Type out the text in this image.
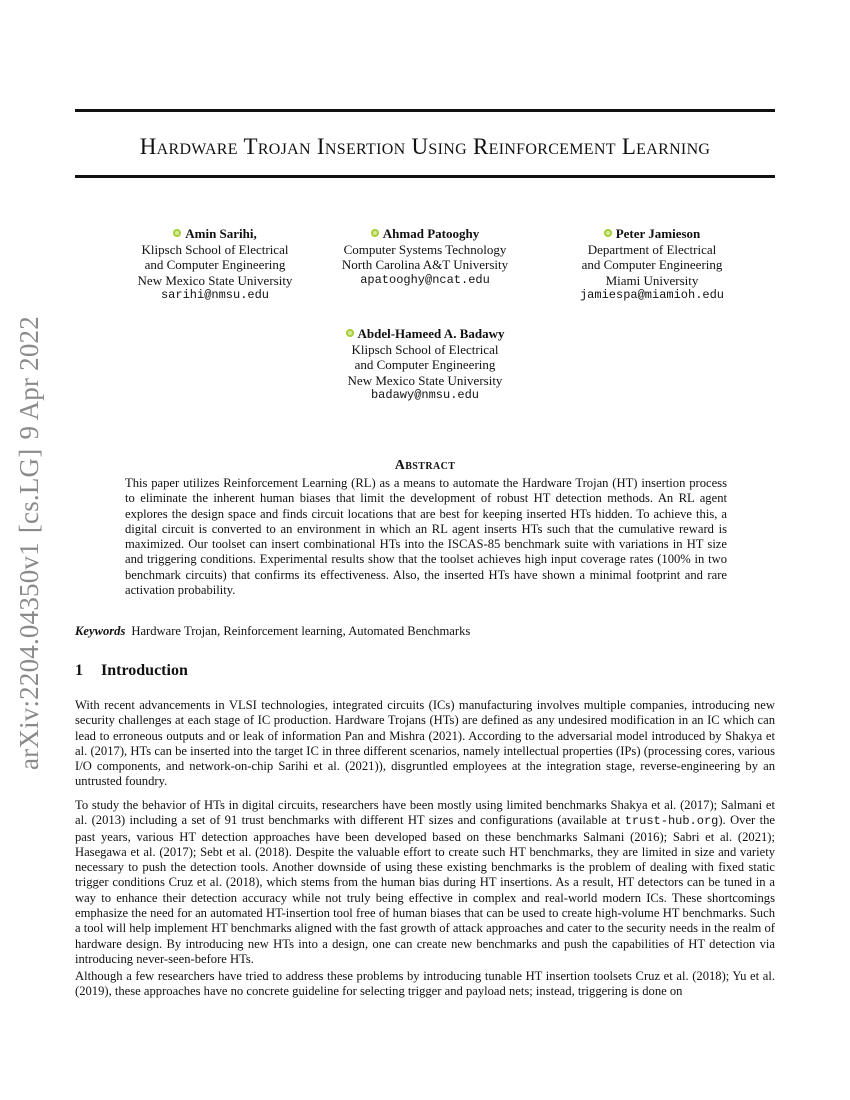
arXiv:2204.04350v1[cs.LG]9 Apr 2022
Hardware Trojan Insertion Using Reinforcement Learning
Amin Sarihi,
Klipsch School of Electrical
and Computer Engineering
New Mexico State University
sarihi@nmsu.edu
Ahmad Patooghy
Computer Systems Technology
North Carolina A&T University
apatooghy@ncat.edu
Peter Jamieson
Department of Electrical
and Computer Engineering
Miami University
jamiespa@miamioh.edu
Abdel-Hameed A. Badawy
Klipsch School of Electrical
and Computer Engineering
New Mexico State University
badawy@nmsu.edu
Abstract
This paper utilizes Reinforcement Learning (RL) as a means to automate the Hardware Trojan (HT) insertion process to eliminate the inherent human biases that limit the development of robust HT detection methods. An RL agent explores the design space and finds circuit locations that are best for keeping inserted HTs hidden. To achieve this, a digital circuit is converted to an environment in which an RL agent inserts HTs such that the cumulative reward is maximized. Our toolset can insert combinational HTs into the ISCAS-85 benchmark suite with variations in HT size and triggering conditions. Experimental results show that the toolset achieves high input coverage rates (100% in two benchmark circuits) that confirms its effectiveness. Also, the inserted HTs have shown a minimal footprint and rare activation probability.
Keywords Hardware Trojan, Reinforcement learning, Automated Benchmarks
1 Introduction
With recent advancements in VLSI technologies, integrated circuits (ICs) manufacturing involves multiple companies, introducing new security challenges at each stage of IC production. Hardware Trojans (HTs) are defined as any undesired modification in an IC which can lead to erroneous outputs and or leak of information Pan and Mishra (2021). According to the adversarial model introduced by Shakya et al. (2017), HTs can be inserted into the target IC in three different scenarios, namely intellectual properties (IPs) (processing cores, various I/O components, and network-on-chip Sarihi et al. (2021)), disgruntled employees at the integration stage, reverse-engineering by an untrusted foundry.
To study the behavior of HTs in digital circuits, researchers have been mostly using limited benchmarks Shakya et al. (2017); Salmani et al. (2013) including a set of 91 trust benchmarks with different HT sizes and configurations (available at trust-hub.org). Over the past years, various HT detection approaches have been developed based on these benchmarks Salmani (2016); Sabri et al. (2021); Hasegawa et al. (2017); Sebt et al. (2018). Despite the valuable effort to create such HT benchmarks, they are limited in size and variety necessary to push the detection tools. Another downside of using these existing benchmarks is the problem of dealing with fixed static trigger conditions Cruz et al. (2018), which stems from the human bias during HT insertions. As a result, HT detectors can be tuned in a way to enhance their detection accuracy while not truly being effective in complex and real-world modern ICs. These shortcomings emphasize the need for an automated HT-insertion tool free of human biases that can be used to create high-volume HT benchmarks. Such a tool will help implement HT benchmarks aligned with the fast growth of attack approaches and cater to the security needs in the realm of hardware design. By introducing new HTs into a design, one can create new benchmarks and push the capabilities of HT detection via introducing never-seen-before HTs.
Although a few researchers have tried to address these problems by introducing tunable HT insertion toolsets Cruz et al. (2018); Yu et al. (2019), these approaches have no concrete guideline for selecting trigger and payload nets; instead, triggering is done on
